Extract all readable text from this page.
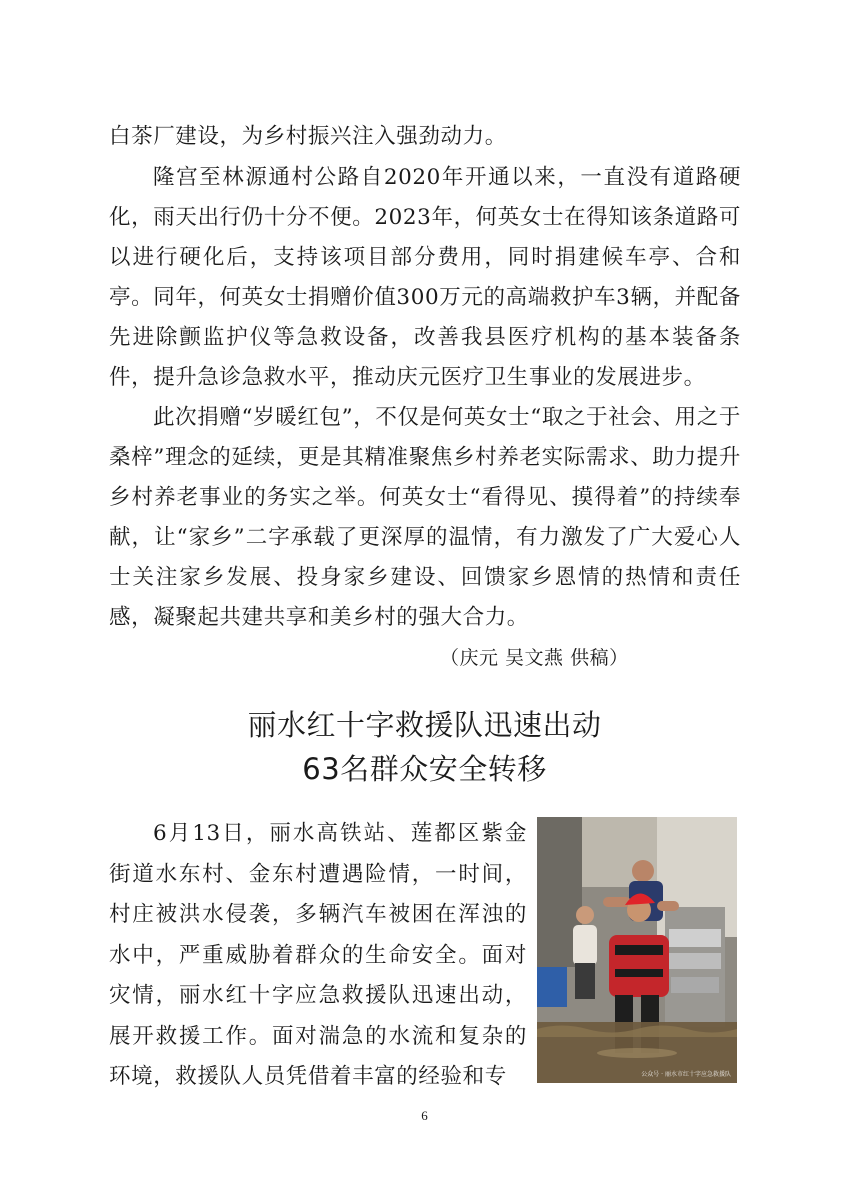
白茶厂建设，为乡村振兴注入强劲动力。

隆宫至林源通村公路自2020年开通以来，一直没有道路硬化，雨天出行仍十分不便。2023年，何英女士在得知该条道路可以进行硬化后，支持该项目部分费用，同时捐建候车亭、合和亭。同年，何英女士捐赠价值300万元的高端救护车3辆，并配备先进除颤监护仪等急救设备，改善我县医疗机构的基本装备条件，提升急诊急救水平，推动庆元医疗卫生事业的发展进步。

此次捐赠“岁暖红包”，不仅是何英女士“取之于社会、用之于桑梓”理念的延续，更是其精准聚焦乡村养老实际需求、助力提升乡村养老事业的务实之举。何英女士“看得见、摸得着”的持续奉献，让“家乡”二字承载了更深厚的温情，有力激发了广大爱心人士关注家乡发展、投身家乡建设、回馈家乡恩情的热情和责任感，凝聚起共建共享和美乡村的强大合力。

（庆元 吴文燕 供稿）
丽水红十字救援队迅速出动
63名群众安全转移

6月13日，丽水高铁站、莲都区紫金街道水东村、金东村遭遇险情，一时间，村庄被洪水侵袭，多辆汽车被困在浑浊的水中，严重威胁着群众的生命安全。面对灾情，丽水红十字应急救援队迅速出动，展开救援工作。面对湍急的水流和复杂的环境，救援队人员凭借着丰富的经验和专	公众号 · 丽水市红十字应急救援队
6
